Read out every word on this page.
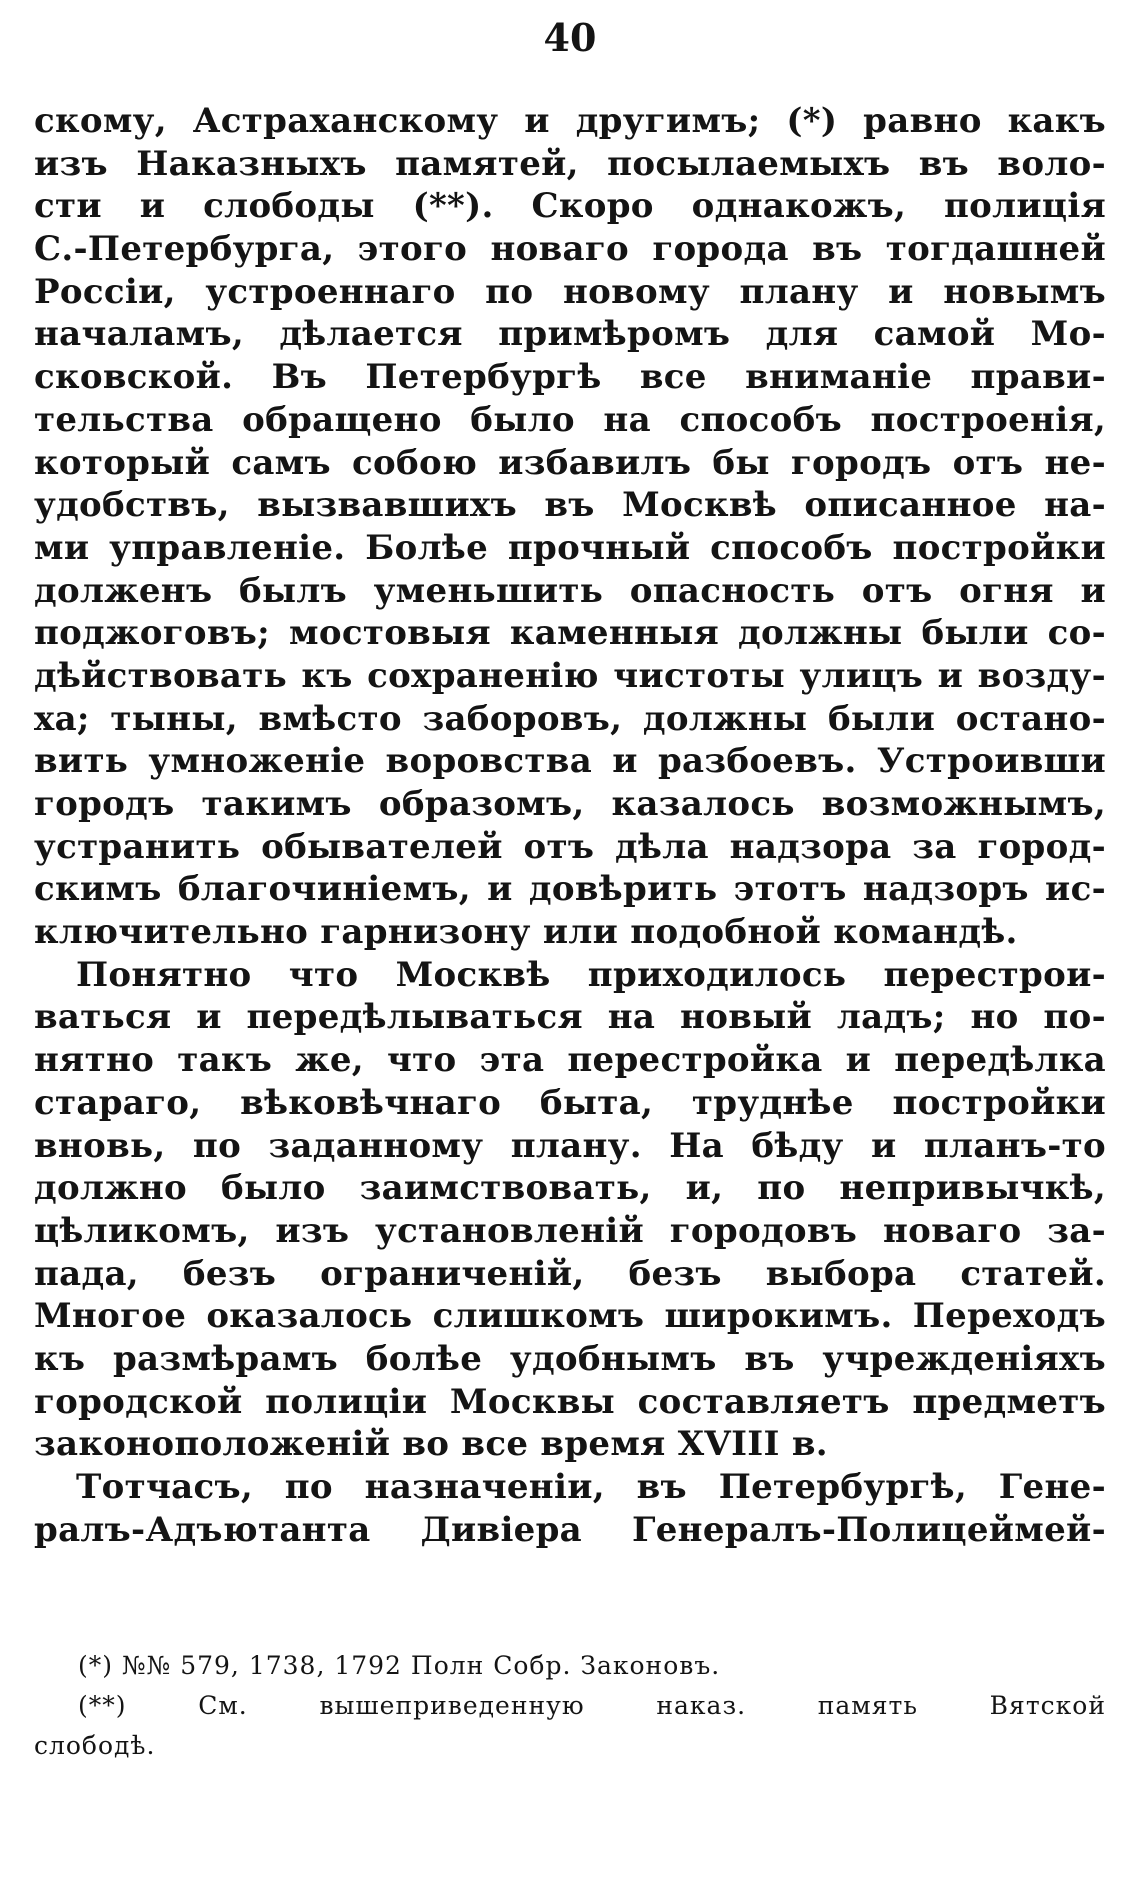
40
скому, Астраханскому и другимъ; (*) равно какъ
изъ Наказныхъ памятей, посылаемыхъ въ воло-
сти и слободы (**). Скоро однакожъ, полиція
С.-Петербурга, этого новаго города въ тогдашней
Россіи, устроеннаго по новому плану и новымъ
началамъ, дѣлается примѣромъ для самой Мо-
сковской. Въ Петербургѣ все вниманіе прави-
тельства обращено было на способъ построенія,
который самъ собою избавилъ бы городъ отъ не-
удобствъ, вызвавшихъ въ Москвѣ описанное на-
ми управленіе. Болѣе прочный способъ постройки
долженъ былъ уменьшить опасность отъ огня и
поджоговъ; мостовыя каменныя должны были со-
дѣйствовать къ сохраненію чистоты улицъ и возду-
ха; тыны, вмѣсто заборовъ, должны были остано-
вить умноженіе воровства и разбоевъ. Устроивши
городъ такимъ образомъ, казалось возможнымъ,
устранить обывателей отъ дѣла надзора за город-
скимъ благочиніемъ, и довѣрить этотъ надзоръ ис-
ключительно гарнизону или подобной командѣ.
Понятно что Москвѣ приходилось перестрои-
ваться и передѣлываться на новый ладъ; но по-
нятно такъ же, что эта перестройка и передѣлка
стараго, вѣковѣчнаго быта, труднѣе постройки
вновь, по заданному плану. На бѣду и планъ-то
должно было заимствовать, и, по непривычкѣ,
цѣликомъ, изъ установленій городовъ новаго за-
пада, безъ ограниченій, безъ выбора статей.
Многое оказалось слишкомъ широкимъ. Переходъ
къ размѣрамъ болѣе удобнымъ въ учрежденіяхъ
городской полиціи Москвы составляетъ предметъ
законоположеній во все время XVIII в.
Тотчасъ, по назначеніи, въ Петербургѣ, Гене-
ралъ-Адъютанта Дивіера Генералъ-Полицеймей-
(*) №№ 579, 1738, 1792 Полн Собр. Законовъ.
(**) См. вышеприведенную наказ. память Вятской
слободѣ.
